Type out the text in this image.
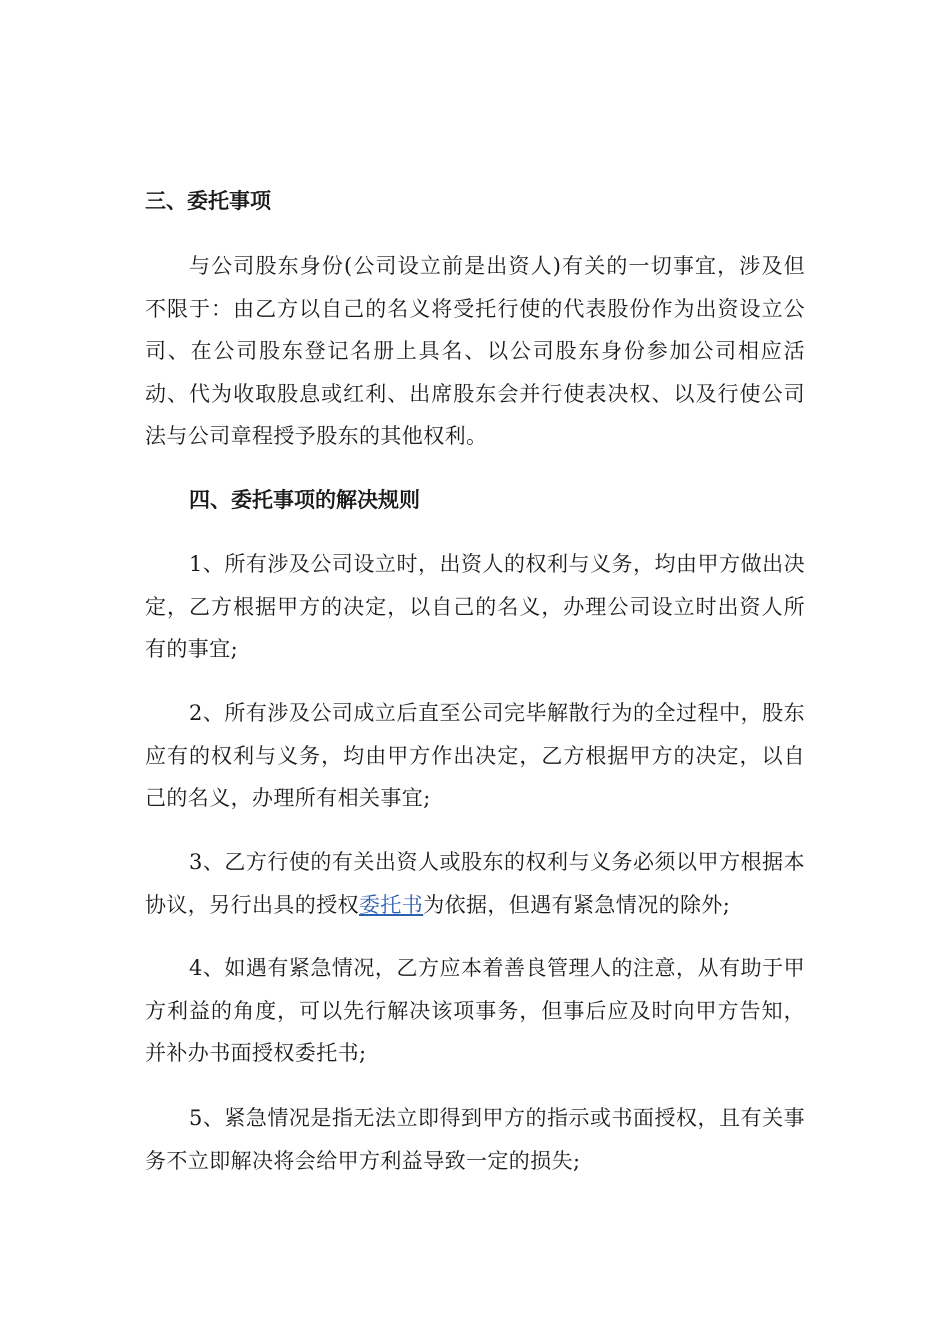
三、委托事项
与公司股东身份(公司设立前是出资人)有关的一切事宜，涉及但不限于：由乙方以自己的名义将受托行使的代表股份作为出资设立公司、在公司股东登记名册上具名、以公司股东身份参加公司相应活动、代为收取股息或红利、出席股东会并行使表决权、以及行使公司法与公司章程授予股东的其他权利。
四、委托事项的解决规则
1、所有涉及公司设立时，出资人的权利与义务，均由甲方做出决定，乙方根据甲方的决定，以自己的名义，办理公司设立时出资人所有的事宜;
2、所有涉及公司成立后直至公司完毕解散行为的全过程中，股东应有的权利与义务，均由甲方作出决定，乙方根据甲方的决定，以自己的名义，办理所有相关事宜;
3、乙方行使的有关出资人或股东的权利与义务必须以甲方根据本协议，另行出具的授权委托书为依据，但遇有紧急情况的除外;
4、如遇有紧急情况，乙方应本着善良管理人的注意，从有助于甲方利益的角度，可以先行解决该项事务，但事后应及时向甲方告知，并补办书面授权委托书;
5、紧急情况是指无法立即得到甲方的指示或书面授权，且有关事务不立即解决将会给甲方利益导致一定的损失;
